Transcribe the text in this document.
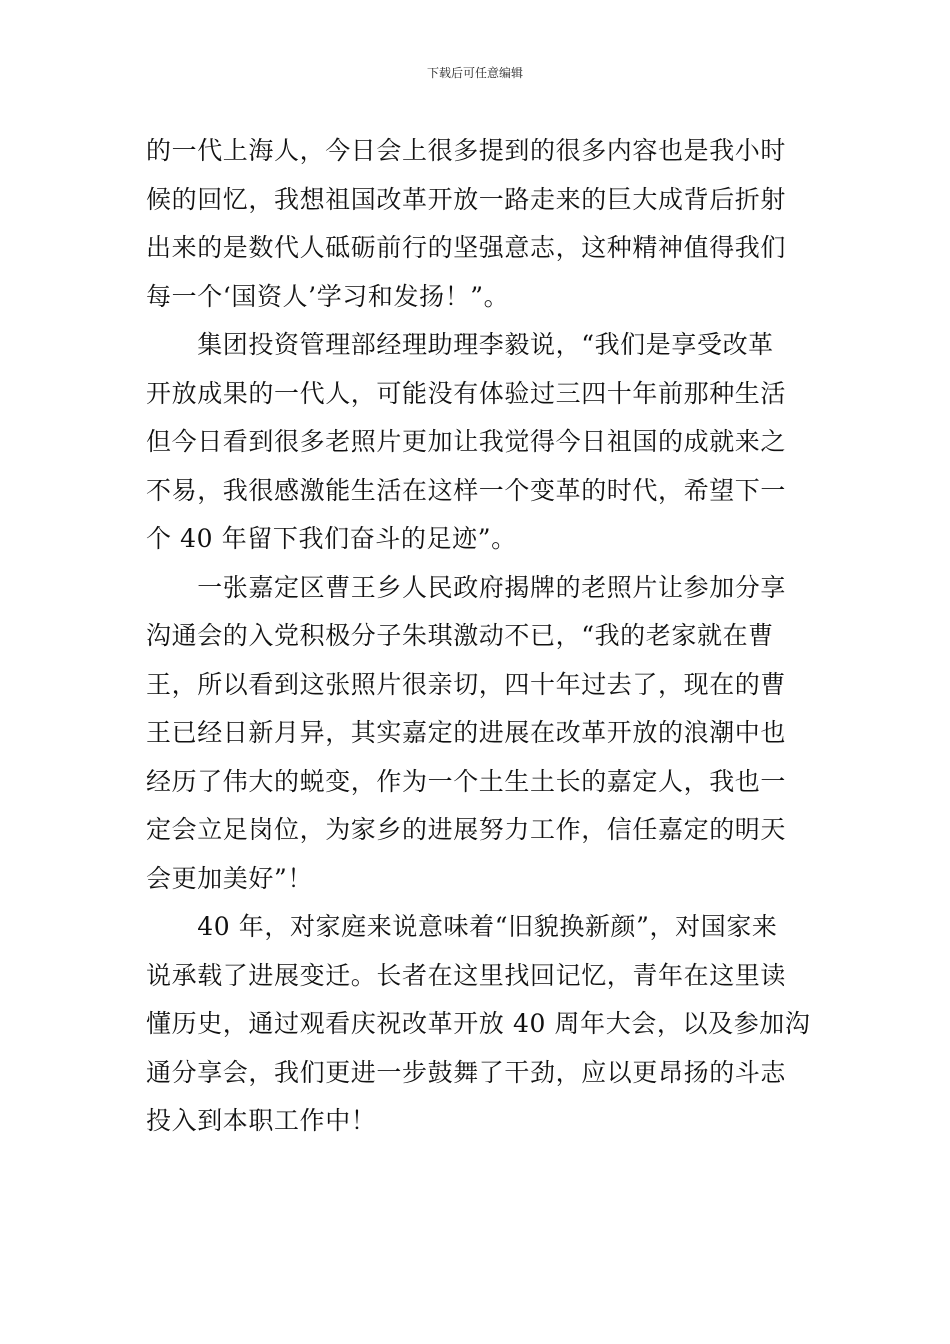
下载后可任意编辑
的一代上海人，今日会上很多提到的很多内容也是我小时
候的回忆，我想祖国改革开放一路走来的巨大成背后折射
出来的是数代人砥砺前行的坚强意志，这种精神值得我们
每一个‘国资人’学习和发扬！”。
　　集团投资管理部经理助理李毅说，“我们是享受改革
开放成果的一代人，可能没有体验过三四十年前那种生活
但今日看到很多老照片更加让我觉得今日祖国的成就来之
不易，我很感激能生活在这样一个变革的时代，希望下一
个 40 年留下我们奋斗的足迹”。
　　一张嘉定区曹王乡人民政府揭牌的老照片让参加分享
沟通会的入党积极分子朱琪激动不已，“我的老家就在曹
王，所以看到这张照片很亲切，四十年过去了，现在的曹
王已经日新月异，其实嘉定的进展在改革开放的浪潮中也
经历了伟大的蜕变，作为一个土生土长的嘉定人，我也一
定会立足岗位，为家乡的进展努力工作，信任嘉定的明天
会更加美好”！
　　40 年，对家庭来说意味着“旧貌换新颜”，对国家来
说承载了进展变迁。长者在这里找回记忆，青年在这里读
懂历史，通过观看庆祝改革开放 40 周年大会，以及参加沟
通分享会，我们更进一步鼓舞了干劲，应以更昂扬的斗志
投入到本职工作中！
